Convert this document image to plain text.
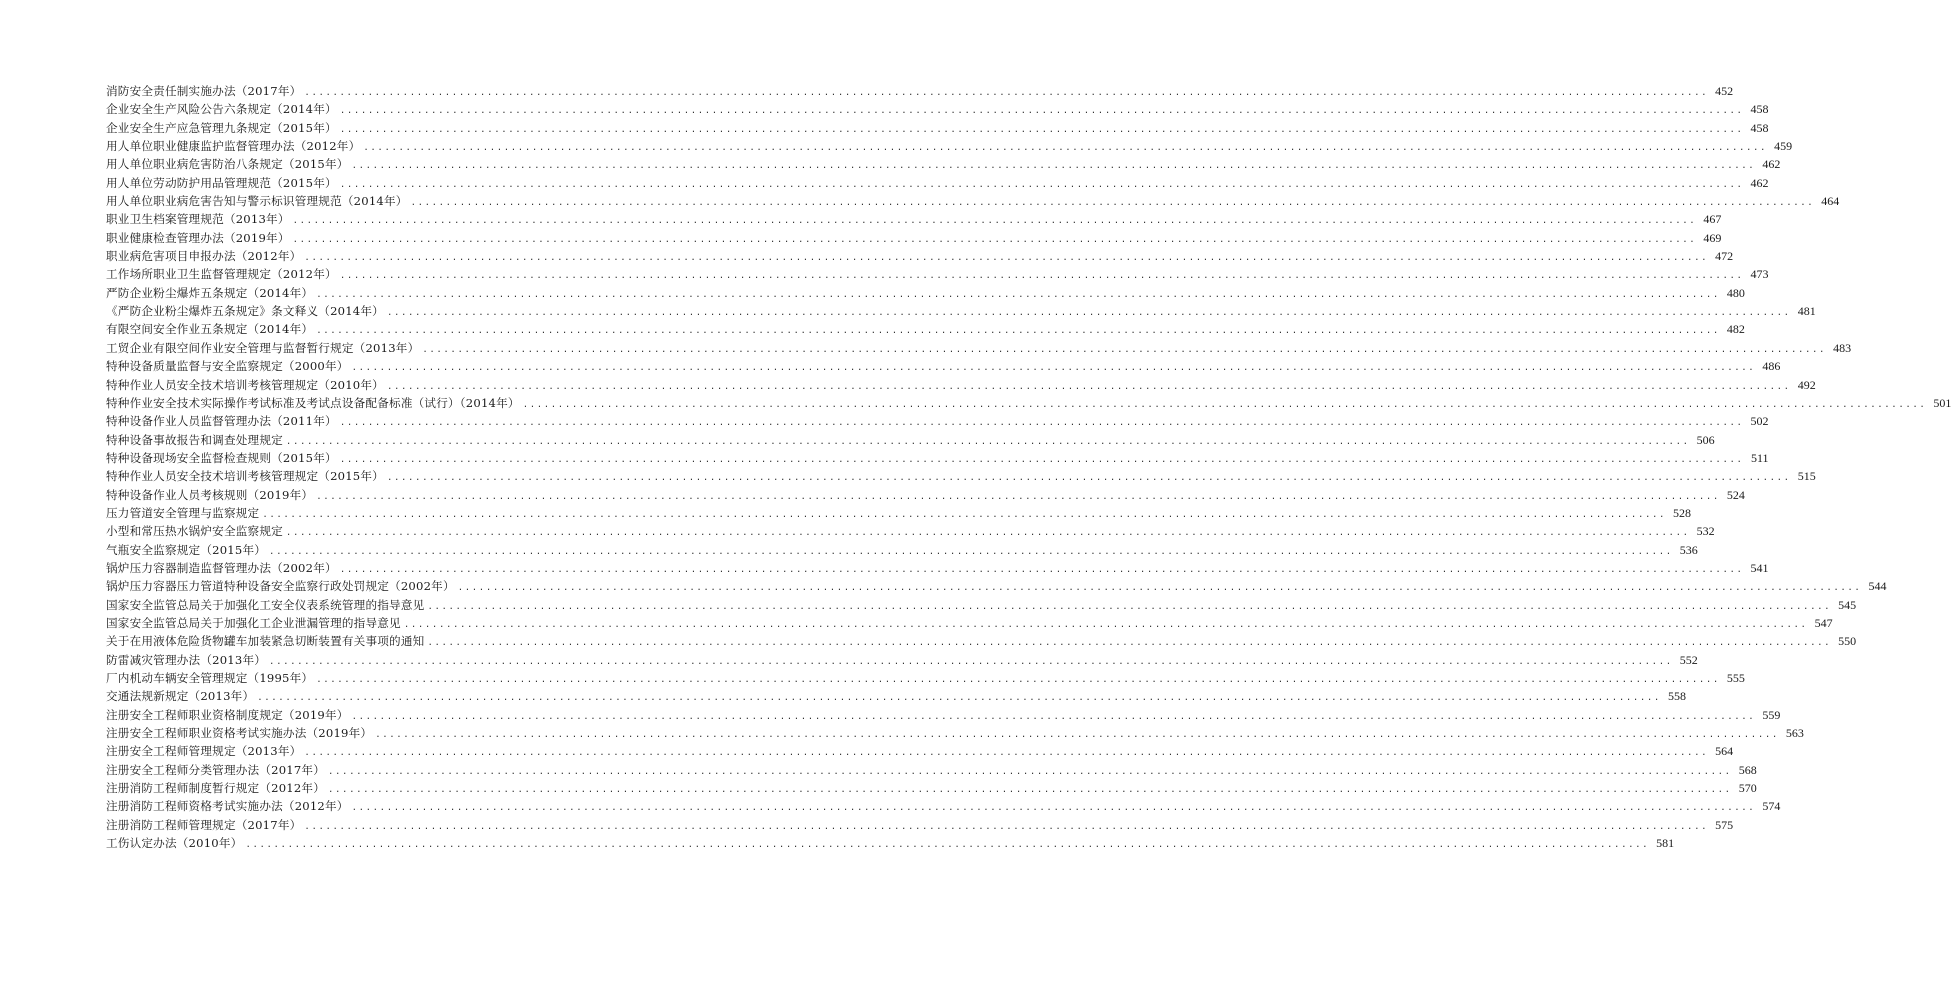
消防安全责任制实施办法（2017年） .....	452
企业安全生产风险公告六条规定（2014年） .....	458
企业安全生产应急管理九条规定（2015年） .....	458
用人单位职业健康监护监督管理办法（2012年） .....	459
用人单位职业病危害防治八条规定（2015年） .....	462
用人单位劳动防护用品管理规范（2015年） .....	462
用人单位职业病危害告知与警示标识管理规范（2014年） .....	464
职业卫生档案管理规范（2013年） .....	467
职业健康检查管理办法（2019年） .....	469
职业病危害项目申报办法（2012年） .....	472
工作场所职业卫生监督管理规定（2012年） .....	473
严防企业粉尘爆炸五条规定（2014年） .....	480
《严防企业粉尘爆炸五条规定》条文释义（2014年） .....	481
有限空间安全作业五条规定（2014年） .....	482
工贸企业有限空间作业安全管理与监督暂行规定（2013年） .....	483
特种设备质量监督与安全监察规定（2000年） .....	486
特种作业人员安全技术培训考核管理规定（2010年） .....	492
特种作业安全技术实际操作考试标准及考试点设备配备标准（试行）（2014年） .....	501
特种设备作业人员监督管理办法（2011年） .....	502
特种设备事故报告和调查处理规定 .....	506
特种设备现场安全监督检查规则（2015年） .....	511
特种作业人员安全技术培训考核管理规定（2015年） .....	515
特种设备作业人员考核规则（2019年） .....	524
压力管道安全管理与监察规定 .....	528
小型和常压热水锅炉安全监察规定 .....	532
气瓶安全监察规定（2015年） .....	536
锅炉压力容器制造监督管理办法（2002年） .....	541
锅炉压力容器压力管道特种设备安全监察行政处罚规定（2002年） .....	544
国家安全监管总局关于加强化工安全仪表系统管理的指导意见 .....	545
国家安全监管总局关于加强化工企业泄漏管理的指导意见 .....	547
关于在用液体危险货物罐车加装紧急切断装置有关事项的通知 .....	550
防雷减灾管理办法（2013年） .....	552
厂内机动车辆安全管理规定（1995年） .....	555
交通法规新规定（2013年） .....	558
注册安全工程师职业资格制度规定（2019年） .....	559
注册安全工程师职业资格考试实施办法（2019年） .....	563
注册安全工程师管理规定（2013年） .....	564
注册安全工程师分类管理办法（2017年） .....	568
注册消防工程师制度暂行规定（2012年） .....	570
注册消防工程师资格考试实施办法（2012年） .....	574
注册消防工程师管理规定（2017年） .....	575
工伤认定办法（2010年） .....	581
